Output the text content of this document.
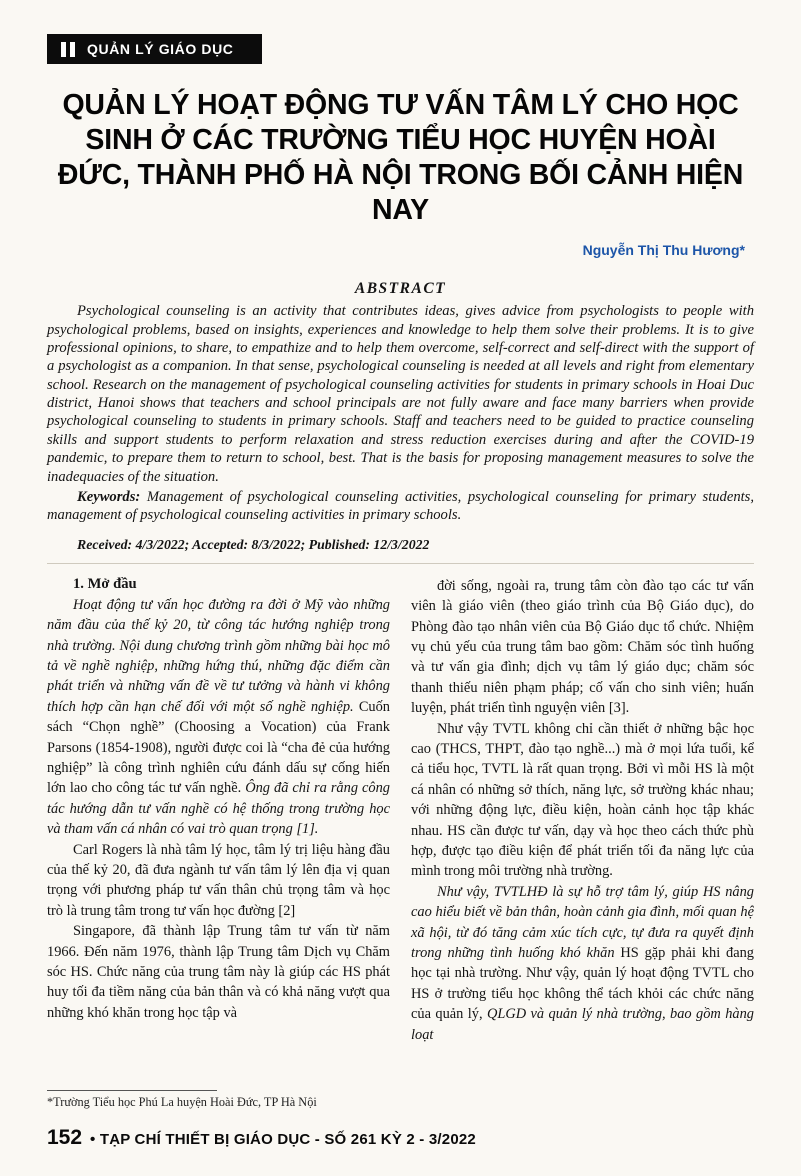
QUẢN LÝ GIÁO DỤC
QUẢN LÝ HOẠT ĐỘNG TƯ VẤN TÂM LÝ CHO HỌC SINH Ở CÁC TRƯỜNG TIỂU HỌC HUYỆN HOÀI ĐỨC, THÀNH PHỐ HÀ NỘI TRONG BỐI CẢNH HIỆN NAY
Nguyễn Thị Thu Hương*
ABSTRACT

Psychological counseling is an activity that contributes ideas, gives advice from psychologists to people with psychological problems, based on insights, experiences and knowledge to help them solve their problems. It is to give professional opinions, to share, to empathize and to help them overcome, self-correct and self-direct with the support of a psychologist as a companion. In that sense, psychological counseling is needed at all levels and right from elementary school. Research on the management of psychological counseling activities for students in primary schools in Hoai Duc district, Hanoi shows that teachers and school principals are not fully aware and face many barriers when provide psychological counseling to students in primary schools. Staff and teachers need to be guided to practice counseling skills and support students to perform relaxation and stress reduction exercises during and after the COVID-19 pandemic, to prepare them to return to school, best. That is the basis for proposing management measures to solve the inadequacies of the situation.

Keywords: Management of psychological counseling activities, psychological counseling for primary students, management of psychological counseling activities in primary schools.

Received: 4/3/2022; Accepted: 8/3/2022; Published: 12/3/2022

1. Mở đầu

Hoạt động tư vấn học đường ra đời ở Mỹ vào những năm đầu của thế kỷ 20, từ công tác hướng nghiệp trong nhà trường. Nội dung chương trình gồm những bài học mô tả về nghề nghiệp, những hứng thú, những đặc điểm cần phát triển và những vấn đề về tư tưởng và hành vi không thích hợp cần hạn chế đối với một số nghề nghiệp. Cuốn sách “Chọn nghề” (Choosing a Vocation) của Frank Parsons (1854-1908), người được coi là “cha đẻ của hướng nghiệp” là công trình nghiên cứu đánh dấu sự cống hiến lớn lao cho công tác tư vấn nghề. Ông đã chỉ ra rằng công tác hướng dẫn tư vấn nghề có hệ thống trong trường học và tham vấn cá nhân có vai trò quan trọng [1].

Carl Rogers là nhà tâm lý học, tâm lý trị liệu hàng đầu của thế kỷ 20, đã đưa ngành tư vấn tâm lý lên địa vị quan trọng với phương pháp tư vấn thân chủ trọng tâm và học trò là trung tâm trong tư vấn học đường [2]

Singapore, đã thành lập Trung tâm tư vấn từ năm 1966. Đến năm 1976, thành lập Trung tâm Dịch vụ Chăm sóc HS. Chức năng của trung tâm này là giúp các HS phát huy tối đa tiềm năng của bản thân và có khả năng vượt qua những khó khăn trong học tập và

đời sống, ngoài ra, trung tâm còn đào tạo các tư vấn viên là giáo viên (theo giáo trình của Bộ Giáo dục), do Phòng đào tạo nhân viên của Bộ Giáo dục tổ chức. Nhiệm vụ chủ yếu của trung tâm bao gồm: Chăm sóc tình huống và tư vấn gia đình; dịch vụ tâm lý giáo dục; chăm sóc thanh thiếu niên phạm pháp; cố vấn cho sinh viên; huấn luyện, phát triển tình nguyện viên [3].

Như vậy TVTL không chỉ cần thiết ở những bậc học cao (THCS, THPT, đào tạo nghề...) mà ở mọi lứa tuổi, kể cả tiểu học, TVTL là rất quan trọng. Bởi vì mỗi HS là một cá nhân có những sở thích, năng lực, sở trường khác nhau; với những động lực, điều kiện, hoàn cảnh học tập khác nhau. HS cần được tư vấn, dạy và học theo cách thức phù hợp, được tạo điều kiện để phát triển tối đa năng lực của mình trong môi trường nhà trường.

Như vậy, TVTLHĐ là sự hỗ trợ tâm lý, giúp HS nâng cao hiểu biết về bản thân, hoàn cảnh gia đình, mối quan hệ xã hội, từ đó tăng cảm xúc tích cực, tự đưa ra quyết định trong những tình huống khó khăn HS gặp phải khi đang học tại nhà trường. Như vậy, quản lý hoạt động TVTL cho HS ở trường tiểu học không thể tách khỏi các chức năng của quản lý, QLGD và quản lý nhà trường, bao gồm hàng loạt

*Trường Tiểu học Phú La huyện Hoài Đức, TP Hà Nội
152 • TẠP CHÍ THIẾT BỊ GIÁO DỤC - SỐ 261 KỲ 2 - 3/2022
